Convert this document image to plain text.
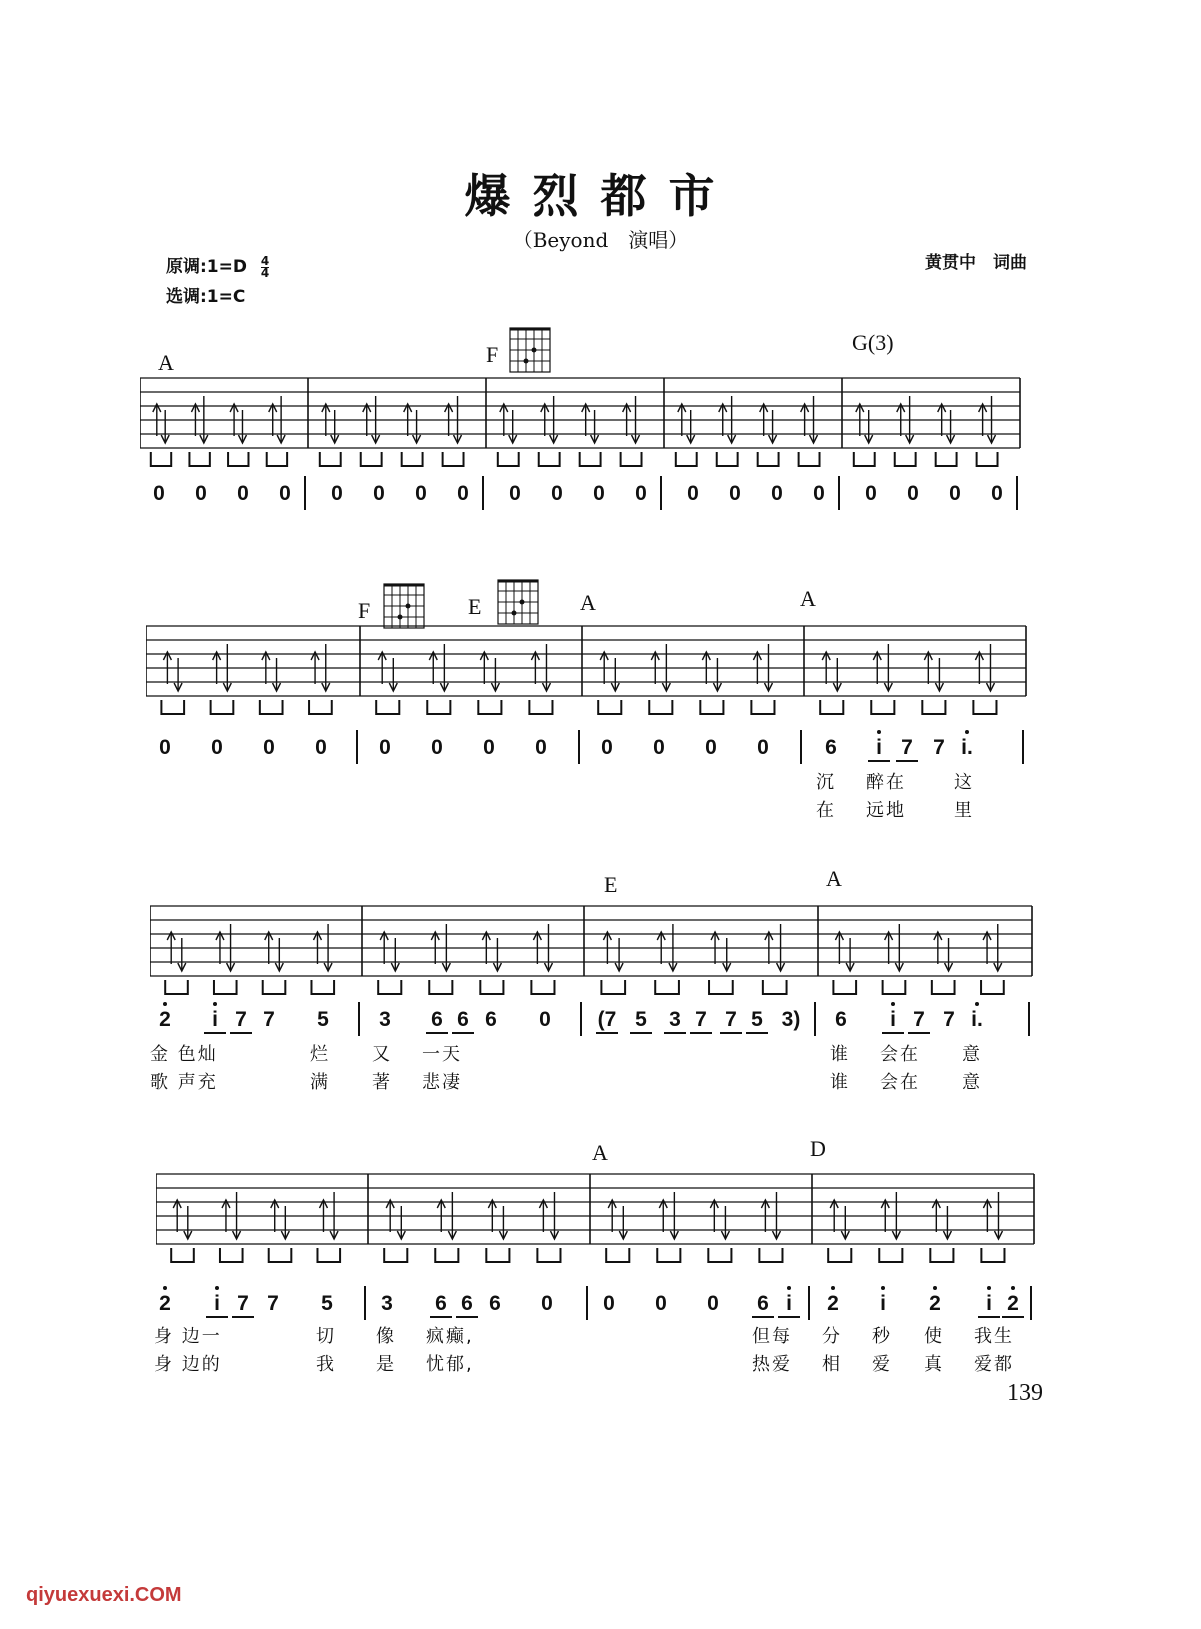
爆烈都市
（Beyond　演唱）
黄贯中　词曲
原调:1=D $\frac{4}{4}$
选调:1=C
A	F	G(3)
0 0 0 0 0 0 0 0 0 0 0 0 0 0 0 0 0 0 0 0
F	E	A	A
0 0 0 0 0 0 0 0	0 0 0 0	6	i 7 7 i.
沉 醉在	这
在 远地	里
E	A
2	i 7 7 5 3 6 6 6 0 (7 5 3 7 7 5 3) 6	i 7 7 i.
金 色灿	烂 又 一天	谁 会在 意
歌 声充	满 著 悲凄	谁 会在 意
A	D
2	i 7 7 5 3 6 6 6 0 0 0 0 6 i	2	i	2	i 2
身 边一	切 像 疯癫,	但每 分 秒 使 我生
身 边的	我 是 忧郁,	热爱 相 爱 真 爱都
139
qiyuexuexi.COM
